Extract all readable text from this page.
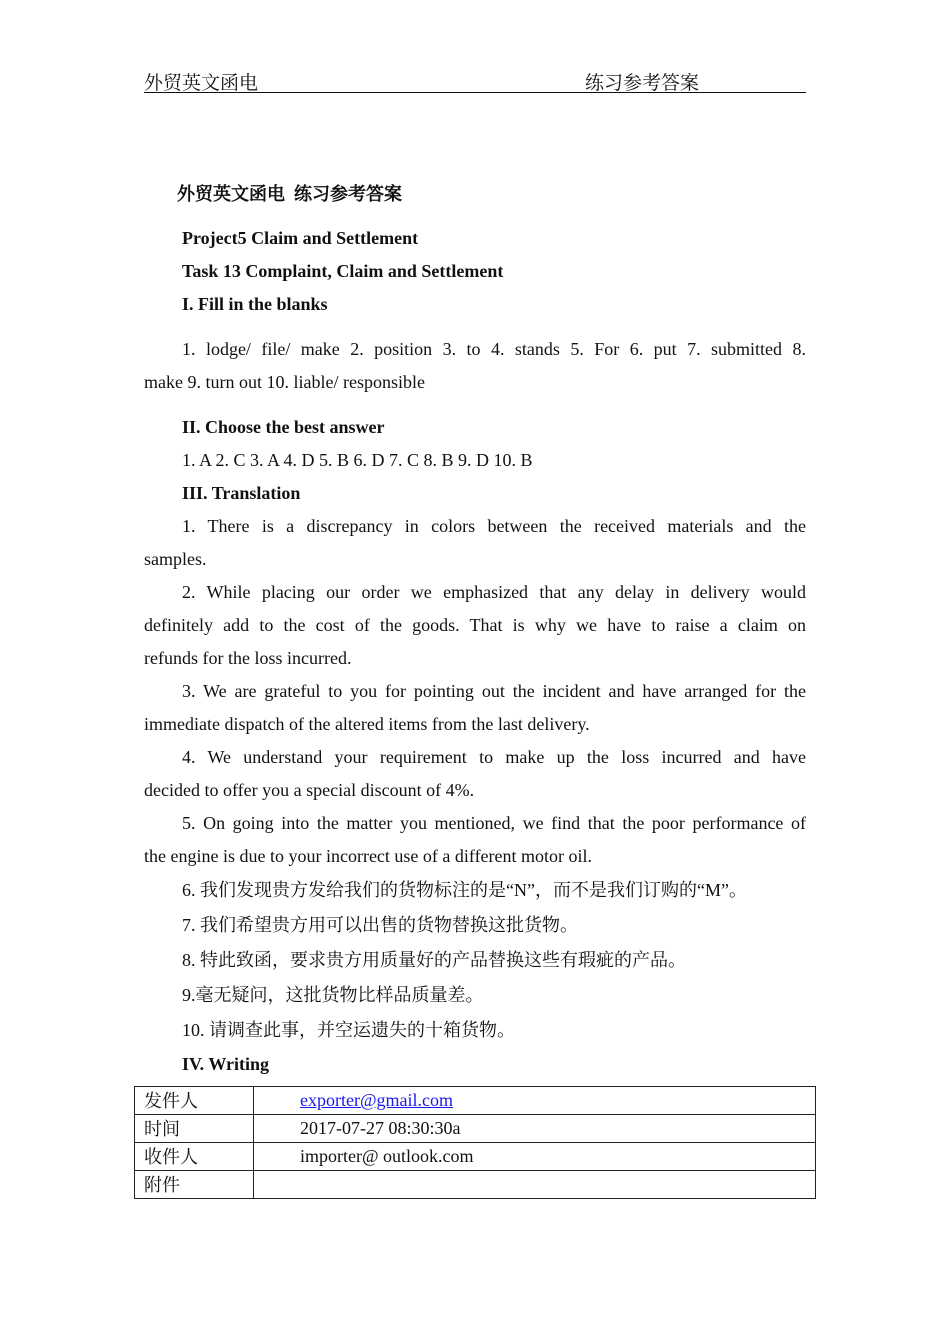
外贸英文函电	练习参考答案
外贸英文函电  练习参考答案
Project5 Claim and Settlement
Task 13 Complaint, Claim and Settlement
I. Fill in the blanks
1. lodge/ file/ make 2. position 3. to 4. stands 5. For 6. put 7. submitted 8.
make 9. turn out 10. liable/ responsible
II. Choose the best answer
1. A 2. C 3. A 4. D 5. B 6. D 7. C 8. B 9. D 10. B
III. Translation
1. There is a discrepancy in colors between the received materials and the
samples.
2. While placing our order we emphasized that any delay in delivery would
definitely add to the cost of the goods. That is why we have to raise a claim on
refunds for the loss incurred.
3. We are grateful to you for pointing out the incident and have arranged for the
immediate dispatch of the altered items from the last delivery.
4. We understand your requirement to make up the loss incurred and have
decided to offer you a special discount of 4%.
5. On going into the matter you mentioned, we find that the poor performance of
the engine is due to your incorrect use of a different motor oil.
6. 我们发现贵方发给我们的货物标注的是“N”，而不是我们订购的“M”。
7. 我们希望贵方用可以出售的货物替换这批货物。
8. 特此致函，要求贵方用质量好的产品替换这些有瑕疵的产品。
9.毫无疑问，这批货物比样品质量差。
10. 请调查此事，并空运遗失的十箱货物。
IV. Writing
发件人	exporter@gmail.com
时间	2017-07-27 08:30:30a
收件人	importer@ outlook.com
附件	
